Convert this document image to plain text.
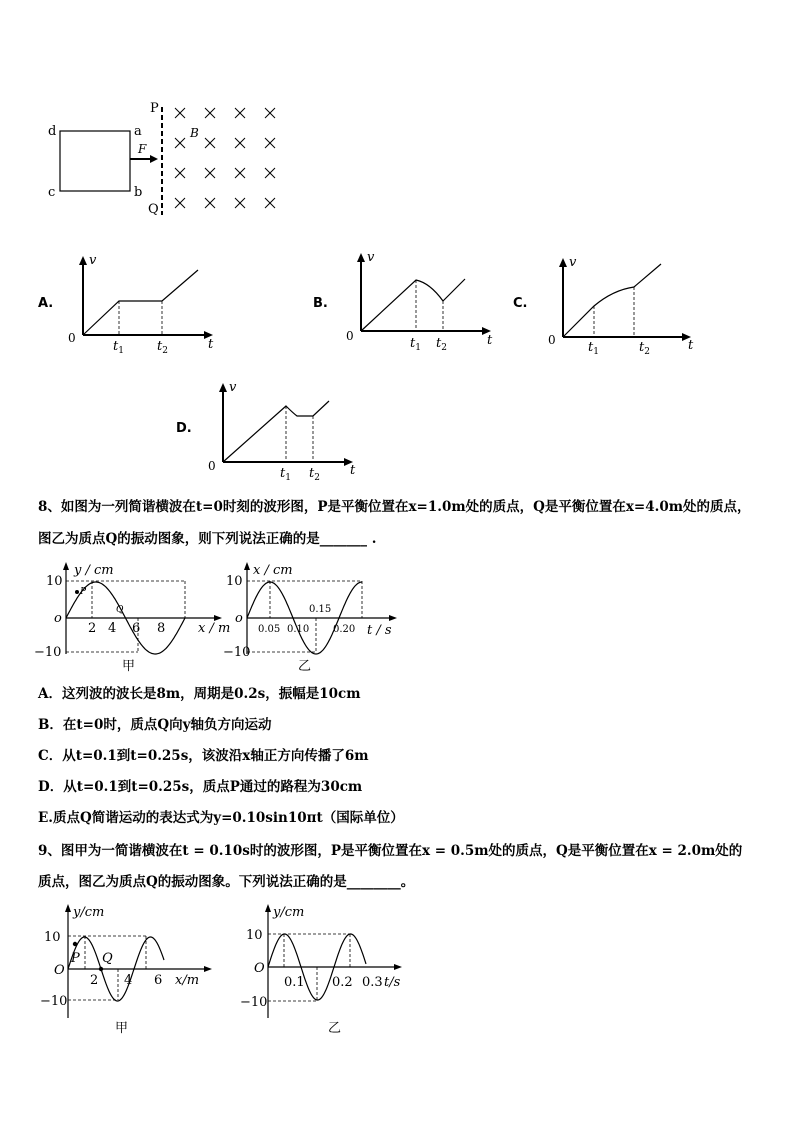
d	a
c	b
F
P
Q
B
A.	B.	C.
D.
v
t
0
$t_1$	$t_2$
v
t
0	$t_1$ $t_2$
v
t
0 $t_1$	$t_2$
v
t
0	$t_1$ $t_2$
8、如图为一列简谐横波在t=0时刻的波形图，P是平衡位置在x=1.0m处的质点，Q是平衡位置在x=4.0m处的质点，
图乙为质点Q的振动图象，则下列说法正确的是_______ .
P
Q
y / cm
10
−10
o
x / m
2 4 6 8
甲
x / cm
10
−10
o
t / s
0.05 0.10
0.15
0.20
乙
A．这列波的波长是8m，周期是0.2s，振幅是10cm
B．在t=0时，质点Q向y轴负方向运动
C．从t=0.1到t=0.25s，该波沿x轴正方向传播了6m
D．从t=0.1到t=0.25s，质点P通过的路程为30cm
E.质点Q简谐运动的表达式为y=0.10sin10πt（国际单位）
9、图甲为一简谐横波在t = 0.10s时的波形图，P是平衡位置在x = 0.5m处的质点，Q是平衡位置在x = 2.0m处的
质点，图乙为质点Q的振动图象。下列说法正确的是________。
P Q
y/cm
10
−10
O
x/m
2 4 6
甲
y/cm
10
−10
O
t/s
0.1 0.2 0.3
乙
